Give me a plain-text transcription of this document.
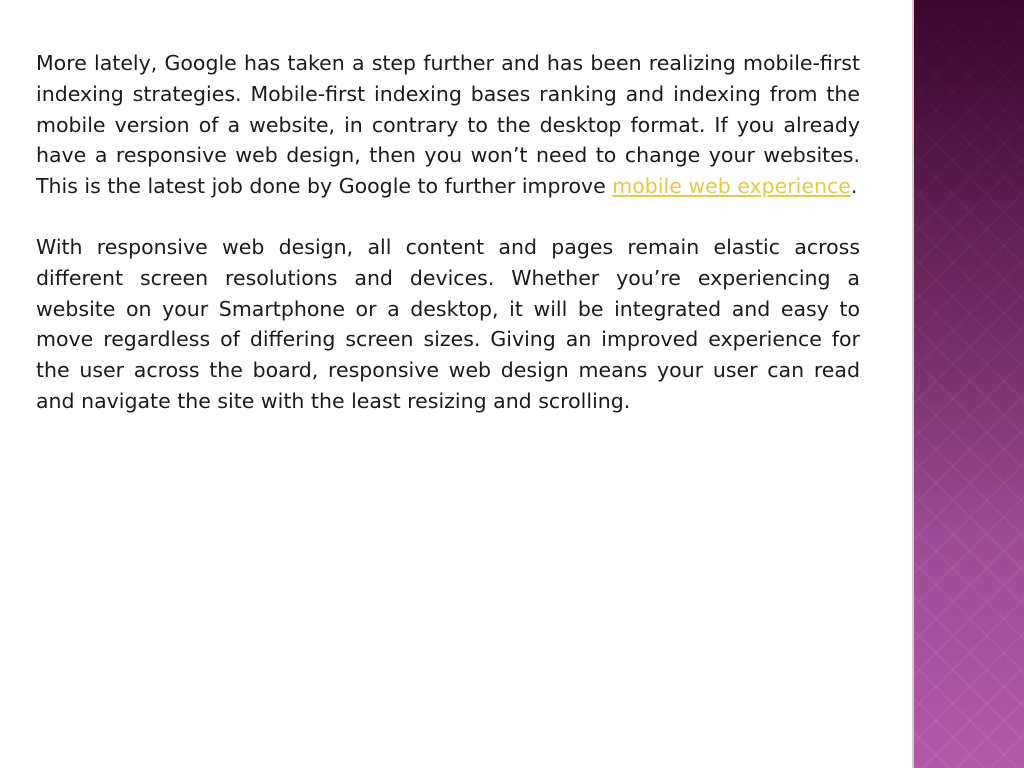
More lately, Google has taken a step further and has been realizing mobile-first indexing strategies. Mobile-first indexing bases ranking and indexing from the mobile version of a website, in contrary to the desktop format. If you already have a responsive web design, then you won’t need to change your websites. This is the latest job done by Google to further improve mobile web experience.

With responsive web design, all content and pages remain elastic across different screen resolutions and devices. Whether you’re experiencing a website on your Smartphone or a desktop, it will be integrated and easy to move regardless of differing screen sizes. Giving an improved experience for the user across the board, responsive web design means your user can read and navigate the site with the least resizing and scrolling.
